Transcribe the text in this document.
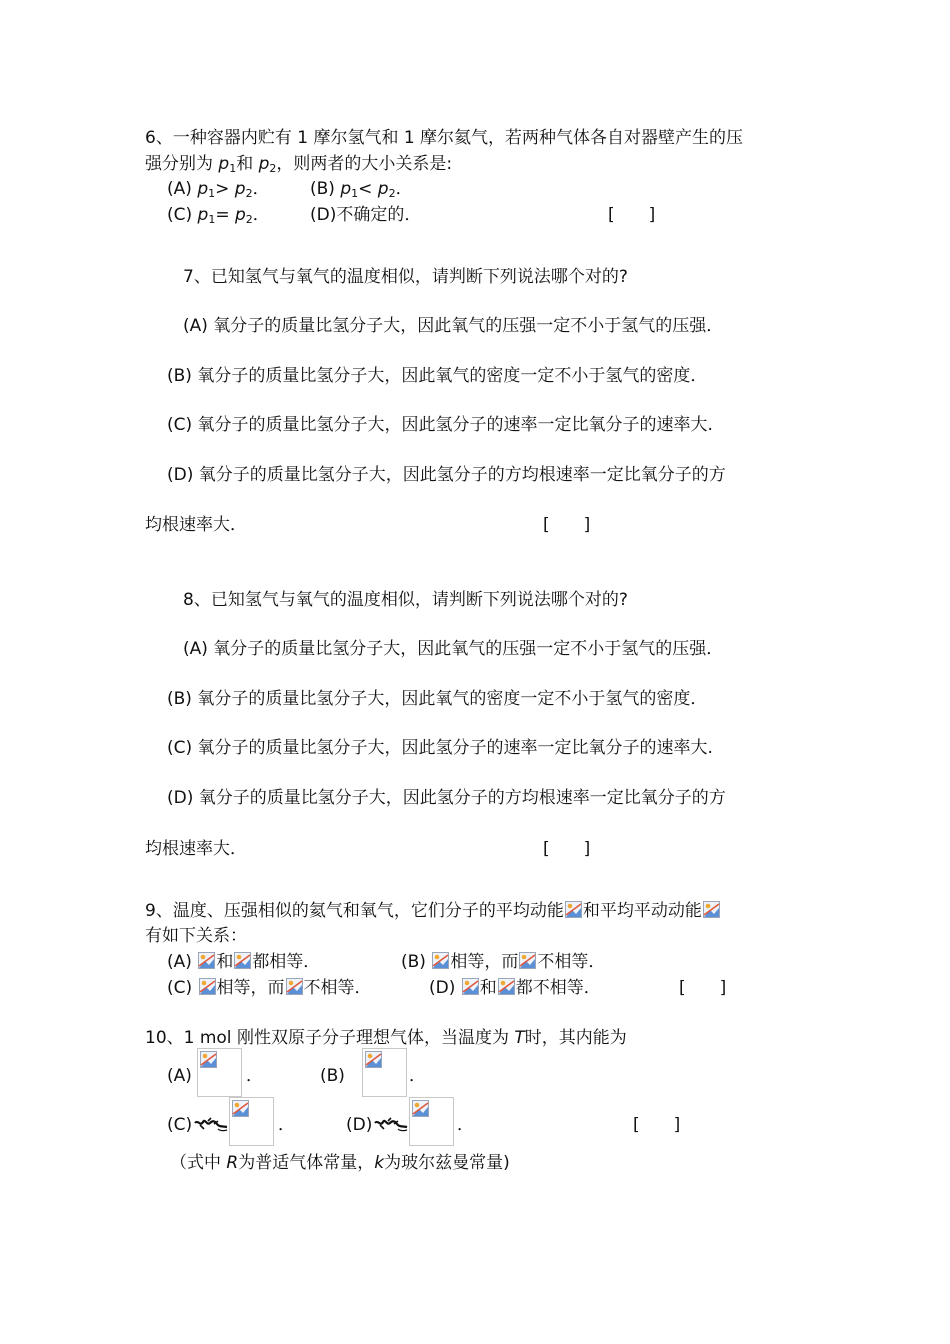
6、一种容器内贮有 1 摩尔氢气和 1 摩尔氦气，若两种气体各自对器壁产生的压
强分别为 $p_1$和 $p_2$，则两者的大小关系是:
(A) $p_1> p_2$． (B) $p_1< p_2$．
(C) $p_1= p_2$． (D)不确定的．	[　　]
7、已知氢气与氧气的温度相似，请判断下列说法哪个对的?
(A) 氧分子的质量比氢分子大，因此氧气的压强一定不小于氢气的压强．
(B) 氧分子的质量比氢分子大，因此氧气的密度一定不小于氢气的密度．
(C) 氧分子的质量比氢分子大，因此氢分子的速率一定比氧分子的速率大.
(D) 氧分子的质量比氢分子大，因此氢分子的方均根速率一定比氧分子的方
均根速率大．	[　　]
8、已知氢气与氧气的温度相似，请判断下列说法哪个对的?
(A) 氧分子的质量比氢分子大，因此氧气的压强一定不小于氢气的压强．
(B) 氧分子的质量比氢分子大，因此氧气的密度一定不小于氢气的密度．
(C) 氧分子的质量比氢分子大，因此氢分子的速率一定比氧分子的速率大.
(D) 氧分子的质量比氢分子大，因此氢分子的方均根速率一定比氧分子的方
均根速率大．	[　　]
9、温度、压强相似的氦气和氧气，它们分子的平均动能 和平均平动动能
有如下关系：
(A)
和 都相等．	(B)
相等，而 不相等．
(C)
相等，而 不相等．	(D)
和 都不相等．	[　　]
10、1 mol 刚性双原子分子理想气体，当温度为 T时，其内能为
(A)	．	(B)	．
(C)	．	(D)	．	[　　]
（式中 R为普适气体常量，k为玻尔兹曼常量)
